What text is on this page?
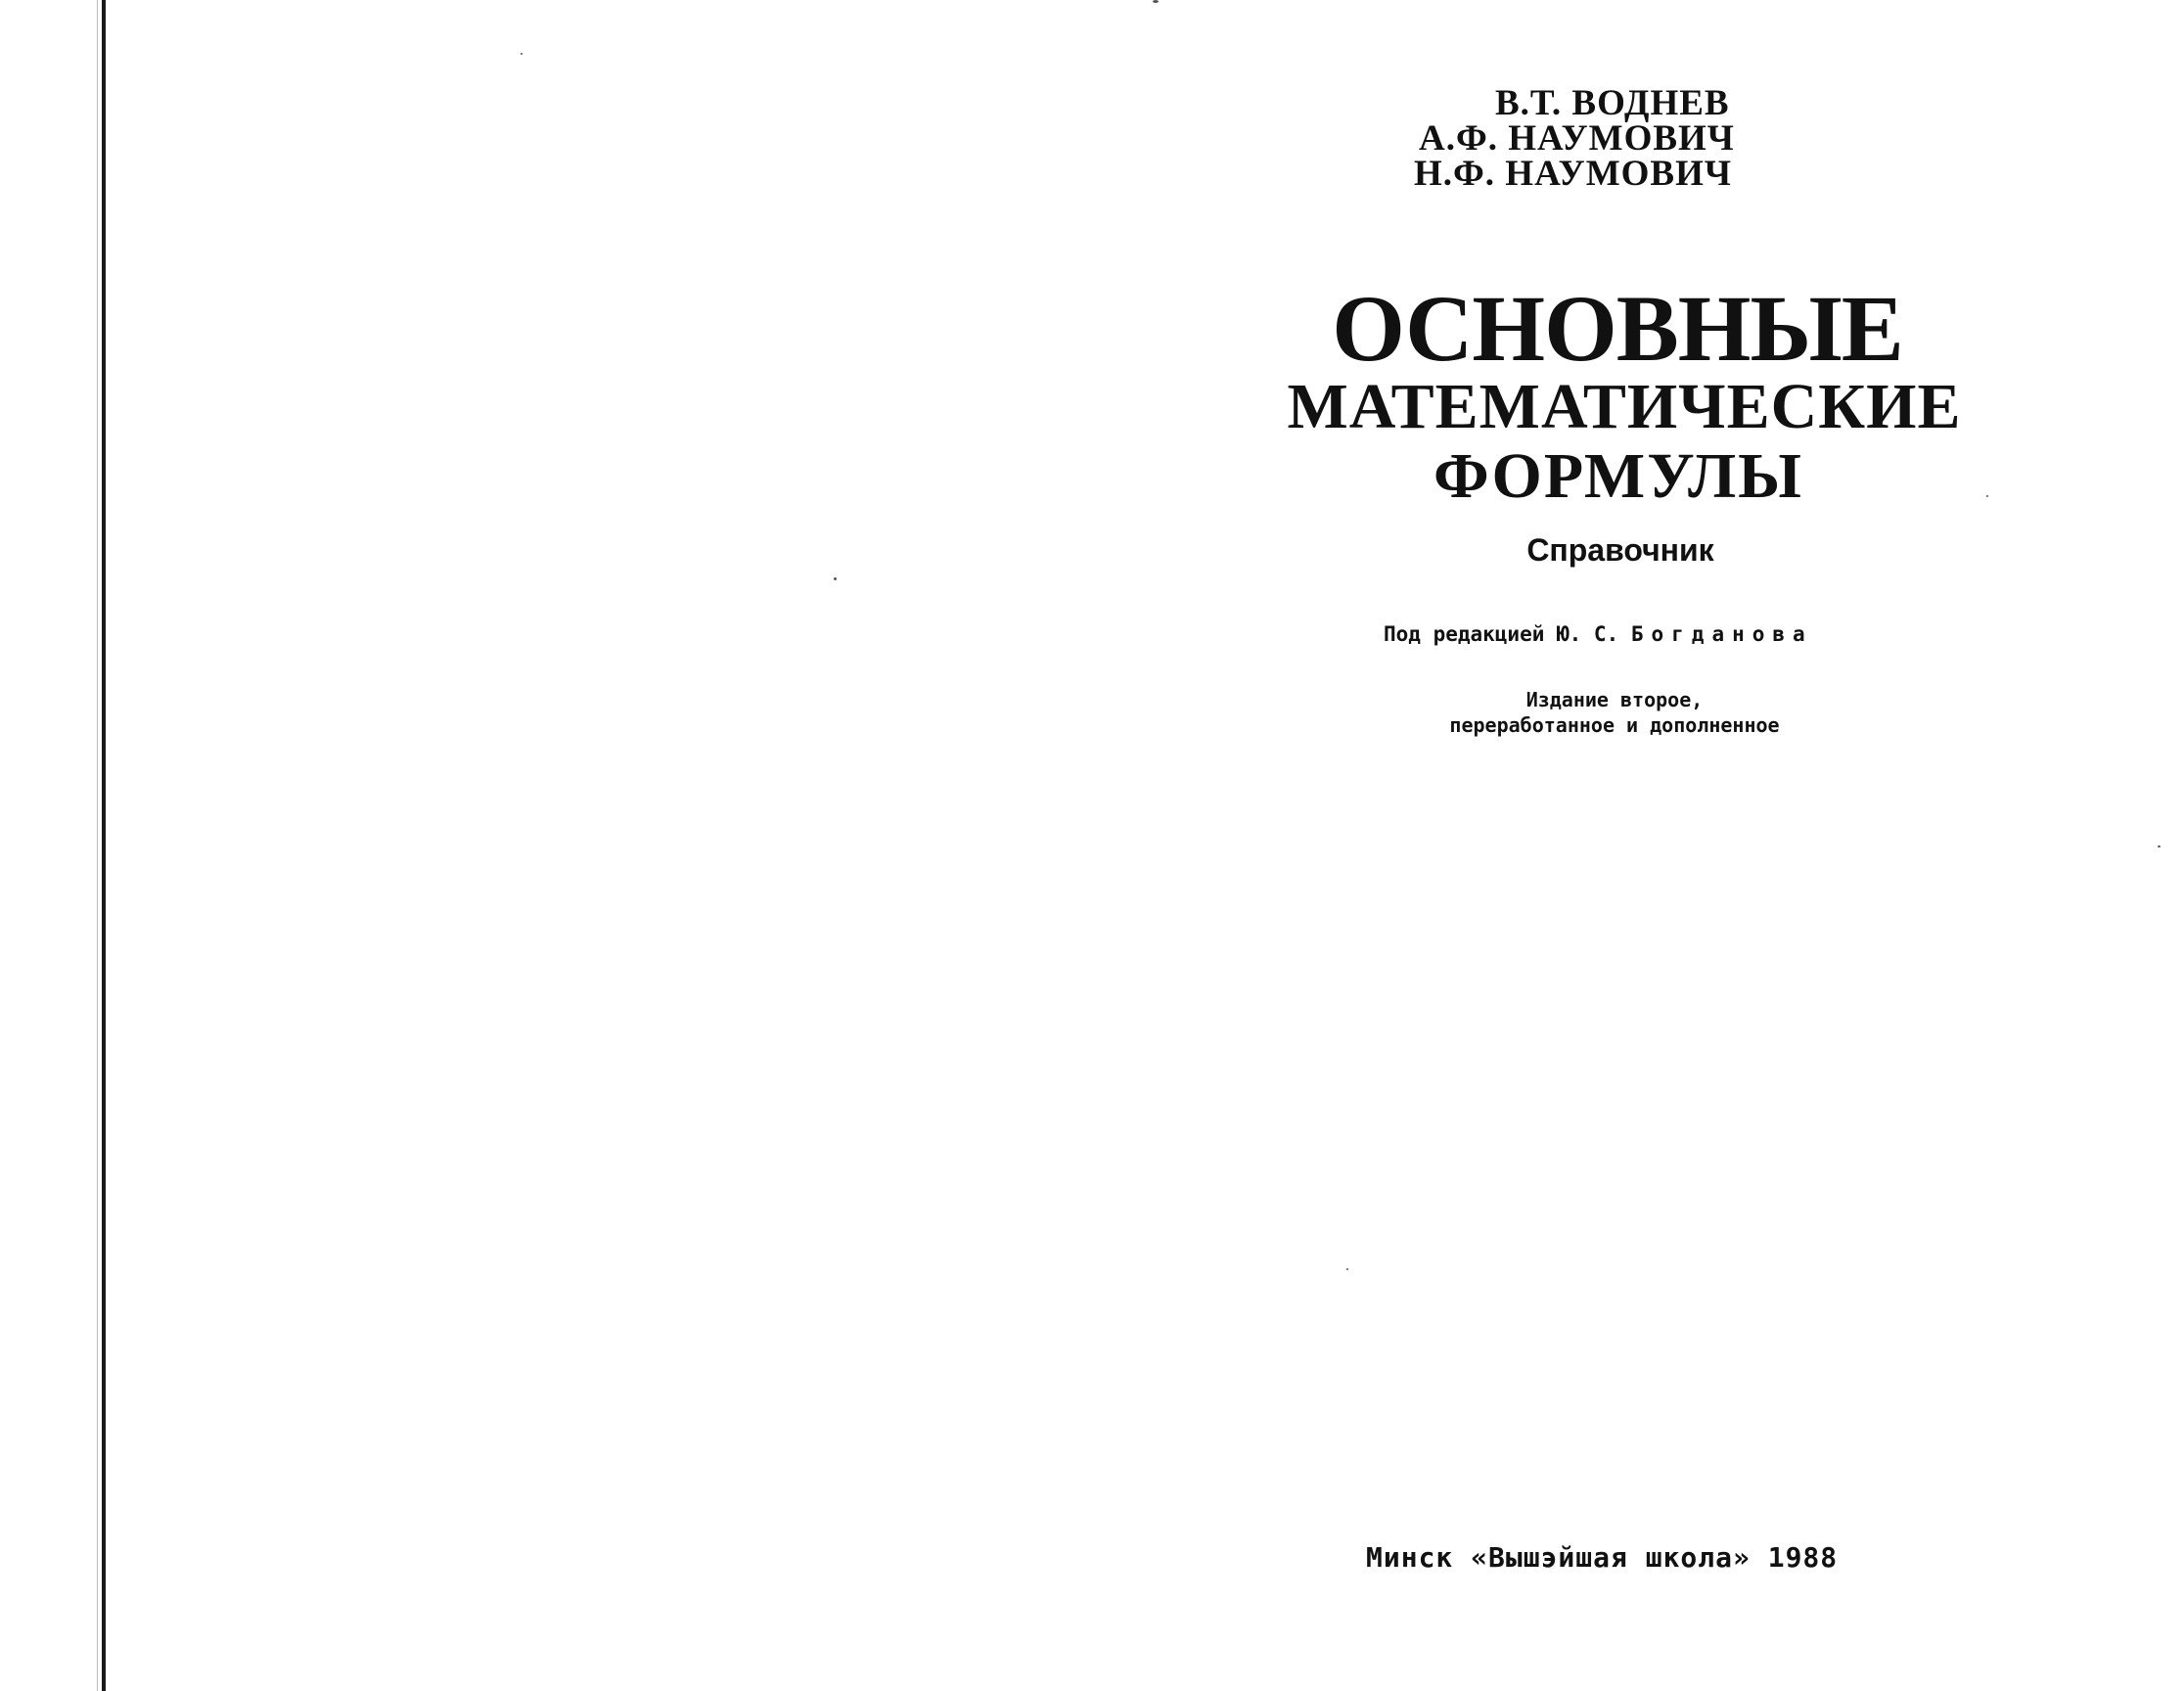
В.Т. ВОДНЕВ
А.Ф. НАУМОВИЧ
Н.Ф. НАУМОВИЧ
ОСНОВНЫЕ
МАТЕМАТИЧЕСКИЕ
ФОРМУЛЫ
Справочник
Под редакцией Ю. С. Богданова
Издание второе,
переработанное и дополненное
Минск «Вышэйшая школа» 1988
